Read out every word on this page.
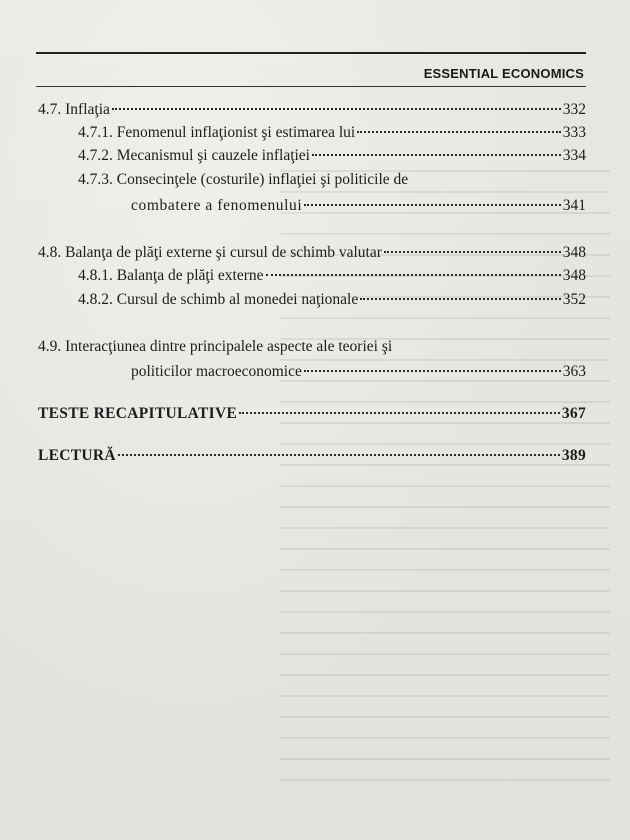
ESSENTIAL ECONOMICS
4.7. Inflaţia	332
4.7.1. Fenomenul inflaţionist şi estimarea lui	333
4.7.2. Mecanismul şi cauzele inflaţiei	334
4.7.3. Consecinţele (costurile) inflaţiei şi politicile de
combatere a fenomenului	341
4.8. Balanţa de plăţi externe şi cursul de schimb valutar	348
4.8.1. Balanţa de plăţi externe	348
4.8.2. Cursul de schimb al monedei naţionale	352
4.9. Interacţiunea dintre principalele aspecte ale teoriei şi
politicilor macroeconomice	363
TESTE RECAPITULATIVE	367
LECTURĂ	389
